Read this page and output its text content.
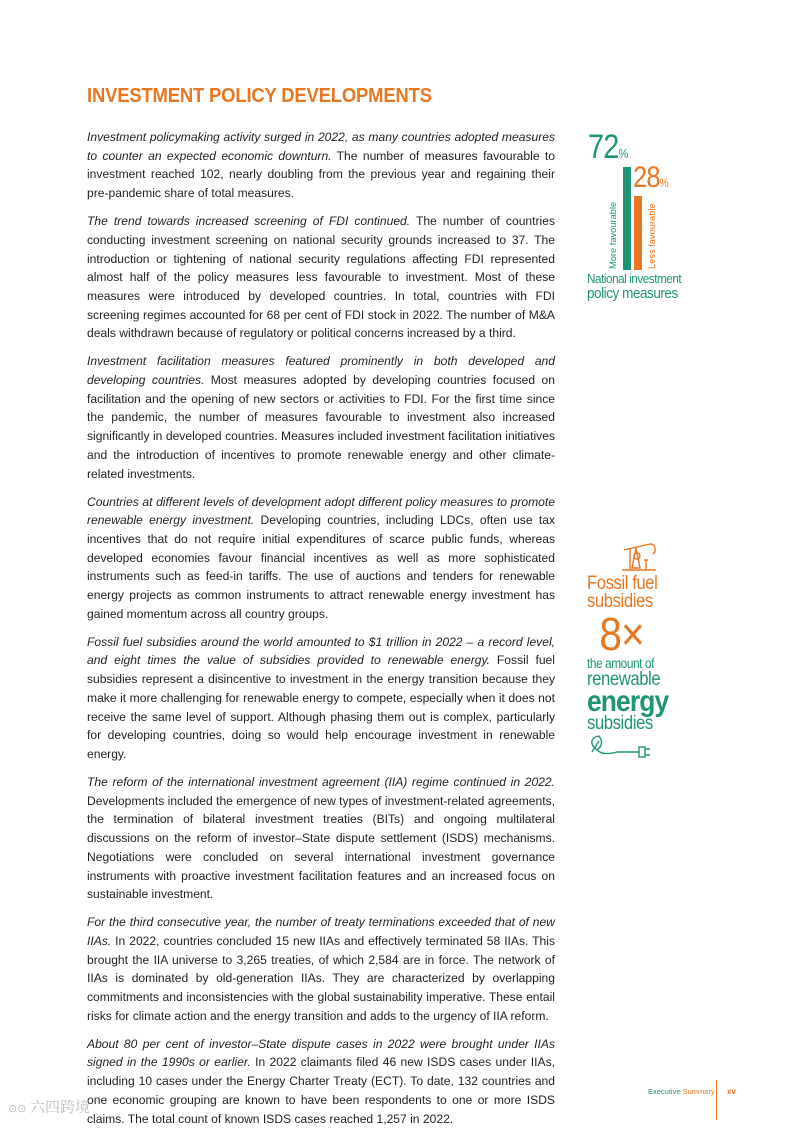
INVESTMENT POLICY DEVELOPMENTS

Investment policymaking activity surged in 2022, as many countries adopted measures to counter an expected economic downturn. The number of measures favourable to investment reached 102, nearly doubling from the previous year and regaining their pre-pandemic share of total measures.

The trend towards increased screening of FDI continued. The number of countries conducting investment screening on national security grounds increased to 37. The introduction or tightening of national security regulations affecting FDI represented almost half of the policy measures less favourable to investment. Most of these measures were introduced by developed countries. In total, countries with FDI screening regimes accounted for 68 per cent of FDI stock in 2022. The number of M&A deals withdrawn because of regulatory or political concerns increased by a third.

Investment facilitation measures featured prominently in both developed and developing countries. Most measures adopted by developing countries focused on facilitation and the opening of new sectors or activities to FDI. For the first time since the pandemic, the number of measures favourable to investment also increased significantly in developed countries. Measures included investment facilitation initiatives and the introduction of incentives to promote renewable energy and other climate-related investments.

Countries at different levels of development adopt different policy measures to promote renewable energy investment. Developing countries, including LDCs, often use tax incentives that do not require initial expenditures of scarce public funds, whereas developed economies favour financial incentives as well as more sophisticated instruments such as feed-in tariffs. The use of auctions and tenders for renewable energy projects as common instruments to attract renewable energy investment has gained momentum across all country groups.

Fossil fuel subsidies around the world amounted to $1 trillion in 2022 – a record level, and eight times the value of subsidies provided to renewable energy. Fossil fuel subsidies represent a disincentive to investment in the energy transition because they make it more challenging for renewable energy to compete, especially when it does not receive the same level of support. Although phasing them out is complex, particularly for developing countries, doing so would help encourage investment in renewable energy.

The reform of the international investment agreement (IIA) regime continued in 2022. Developments included the emergence of new types of investment-related agreements, the termination of bilateral investment treaties (BITs) and ongoing multilateral discussions on the reform of investor–State dispute settlement (ISDS) mechanisms. Negotiations were concluded on several international investment governance instruments with proactive investment facilitation features and an increased focus on sustainable investment.

For the third consecutive year, the number of treaty terminations exceeded that of new IIAs. In 2022, countries concluded 15 new IIAs and effectively terminated 58 IIAs. This brought the IIA universe to 3,265 treaties, of which 2,584 are in force. The network of IIAs is dominated by old-generation IIAs. They are characterized by overlapping commitments and inconsistencies with the global sustainability imperative. These entail risks for climate action and the energy transition and adds to the urgency of IIA reform.

About 80 per cent of investor–State dispute cases in 2022 were brought under IIAs signed in the 1990s or earlier. In 2022 claimants filed 46 new ISDS cases under IIAs, including 10 cases under the Energy Charter Treaty (ECT). To date, 132 countries and one economic grouping are known to have been respondents to one or more ISDS claims. The total count of known ISDS cases reached 1,257 in 2022.

72%
28%
More favourable	Less favourable
National investment
policy measures
Fossil fuel
subsidies
8×
the amount of
renewable
energy
subsidies
Executive Summary xv
⊙⊙ 六四跨境
